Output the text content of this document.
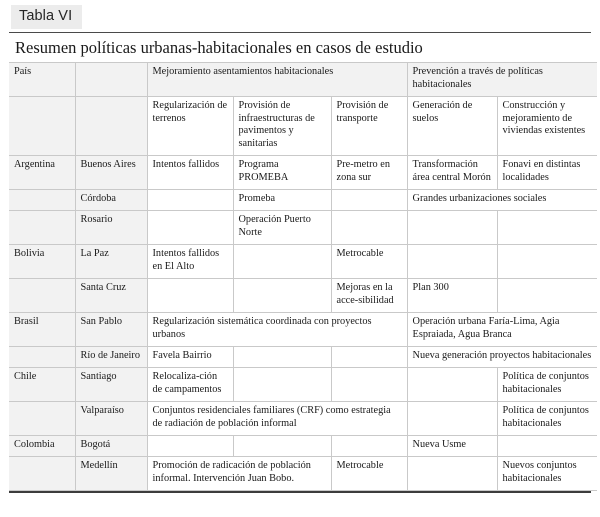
Tabla VI
Resumen políticas urbanas-habitacionales en casos de estudio
País		Mejoramiento asentamientos habitacionales			Prevención a través de políticas habitacionales	
		Regularización de terrenos	Provisión de infraestructuras de pavimentos y sanitarias	Provisión de transporte	Generación de suelos	Construcción y mejoramiento de viviendas existentes
Argentina	Buenos Aires	Intentos fallidos	Programa PROMEBA	Pre-metro en zona sur	Transformación área central Morón	Fonavi en distintas localidades
	Córdoba		Promeba		Grandes urbanizaciones sociales	
	Rosario		Operación Puerto Norte			
Bolivia	La Paz	Intentos fallidos en El Alto		Metrocable		
	Santa Cruz			Mejoras en la acce-sibilidad	Plan 300	
Brasil	San Pablo	Regularización sistemática coordinada con proyectos urbanos			Operación urbana Faría-Lima, Agia Espraiada, Agua Branca	
	Río de Janeiro	Favela Bairrio			Nueva generación proyectos habitacionales	
Chile	Santiago	Relocaliza-ción de campamentos				Política de conjuntos habitacionales
	Valparaíso	Conjuntos residenciales familiares (CRF) como estrategia de radiación de población informal				Política de conjuntos habitacionales
Colombia	Bogotá				Nueva Usme	
	Medellín	Promoción de radicación de población informal. Intervención Juan Bobo.		Metrocable		Nuevos conjuntos habitacionales
